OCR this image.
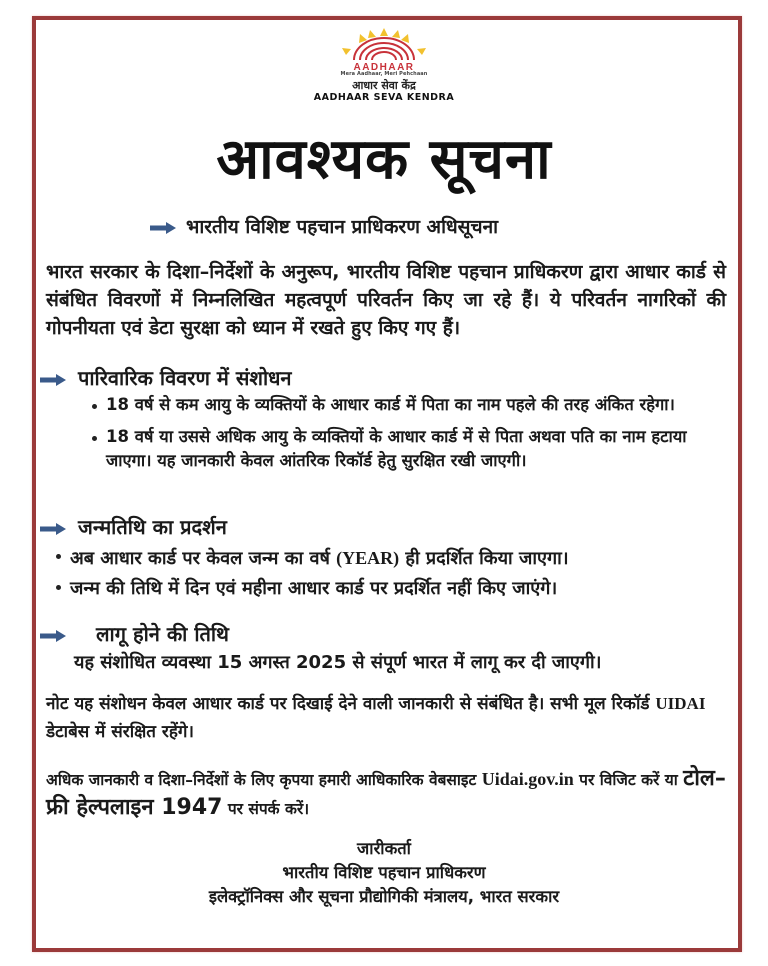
AADHAAR
Mera Aadhaar, Meri Pehchaan
आधार सेवा केंद्र
AADHAAR SEVA KENDRA
आवश्यक सूचना
भारतीय विशिष्ट पहचान प्राधिकरण अधिसूचना
भारत सरकार के दिशा–निर्देशों के अनुरूप, भारतीय विशिष्ट पहचान प्राधिकरण द्वारा आधार कार्ड से संबंधित विवरणों में निम्नलिखित महत्वपूर्ण परिवर्तन किए जा रहे हैं। ये परिवर्तन नागरिकों की गोपनीयता एवं डेटा सुरक्षा को ध्यान में रखते हुए किए गए हैं।
पारिवारिक विवरण में संशोधन
18 वर्ष से कम आयु के व्यक्तियों के आधार कार्ड में पिता का नाम पहले की तरह अंकित रहेगा।
18 वर्ष या उससे अधिक आयु के व्यक्तियों के आधार कार्ड में से पिता अथवा पति का नाम हटाया जाएगा। यह जानकारी केवल आंतरिक रिकॉर्ड हेतु सुरक्षित रखी जाएगी।
जन्मतिथि का प्रदर्शन
अब आधार कार्ड पर केवल जन्म का वर्ष (YEAR) ही प्रदर्शित किया जाएगा।
जन्म की तिथि में दिन एवं महीना आधार कार्ड पर प्रदर्शित नहीं किए जाएंगे।
लागू होने की तिथि
यह संशोधित व्यवस्था 15 अगस्त 2025 से संपूर्ण भारत में लागू कर दी जाएगी।
नोट यह संशोधन केवल आधार कार्ड पर दिखाई देने वाली जानकारी से संबंधित है। सभी मूल रिकॉर्ड UIDAI डेटाबेस में संरक्षित रहेंगे।
अधिक जानकारी व दिशा–निर्देशों के लिए कृपया हमारी आधिकारिक वेबसाइट Uidai.gov.in पर विजिट करें या टोल–फ्री हेल्पलाइन 1947 पर संपर्क करें।
जारीकर्ता
भारतीय विशिष्ट पहचान प्राधिकरण
इलेक्ट्रॉनिक्स और सूचना प्रौद्योगिकी मंत्रालय, भारत सरकार
